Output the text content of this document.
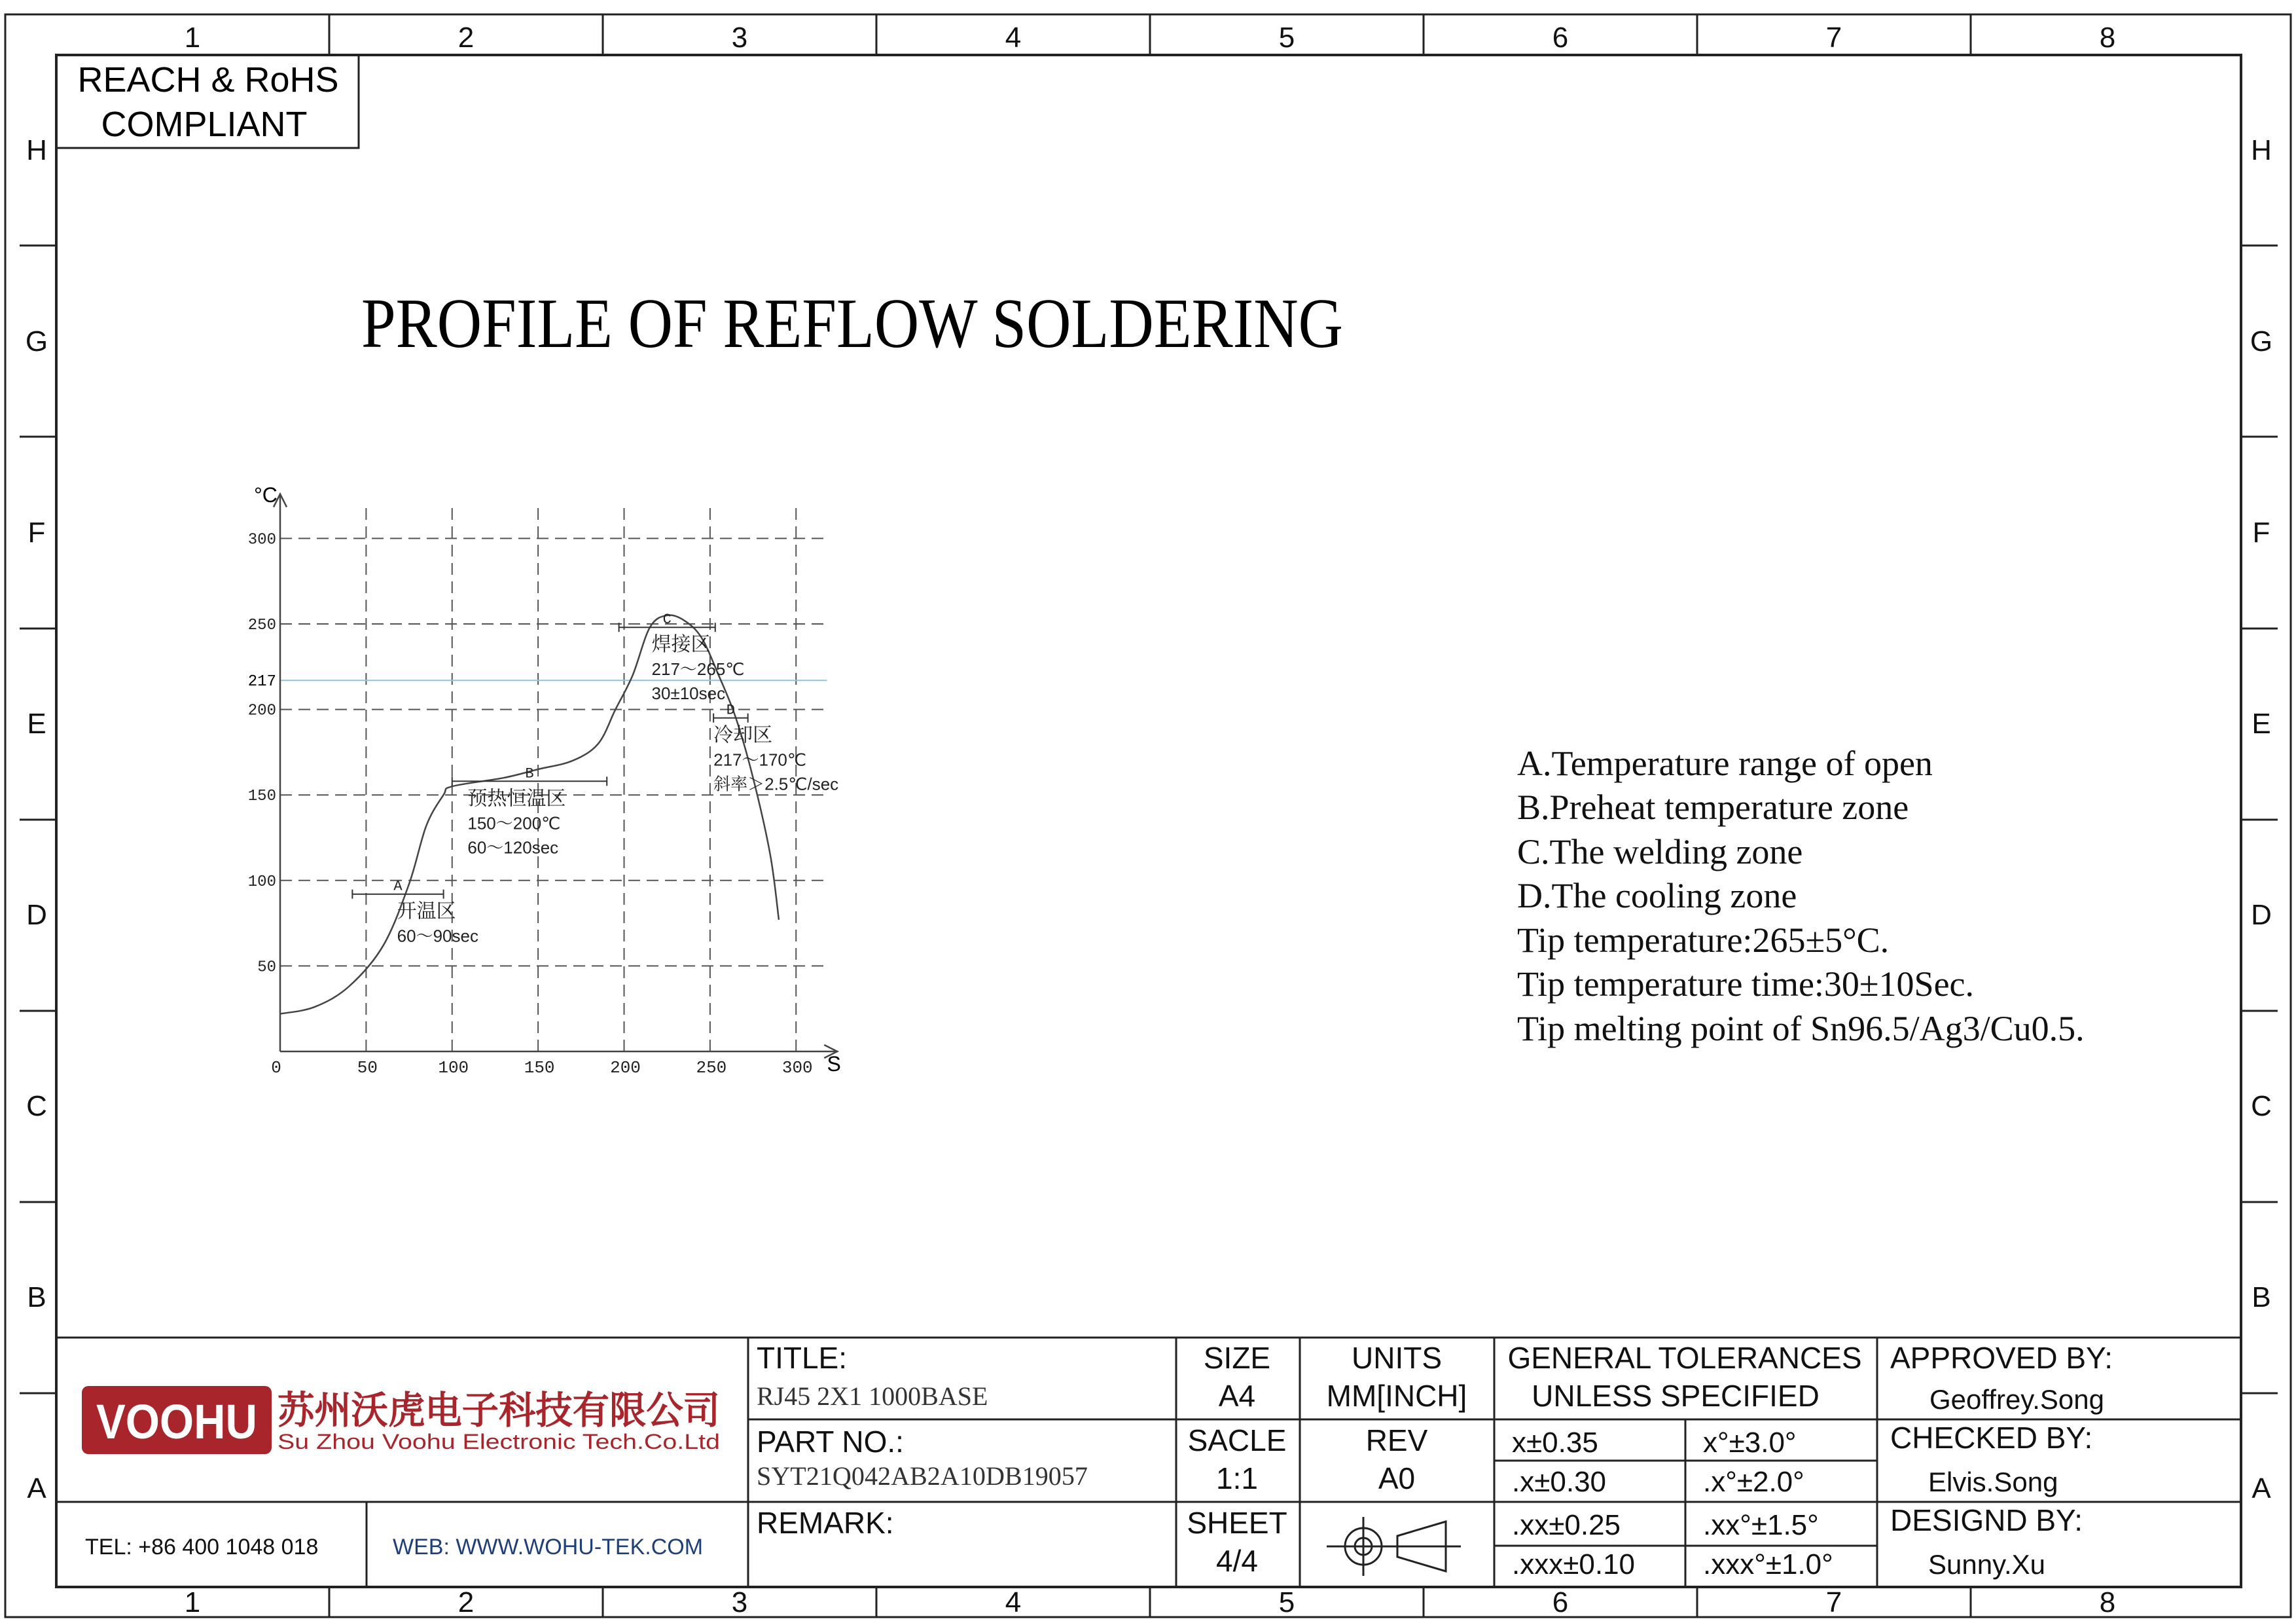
1	2	3	4	5	6	7	8
1	2	3	4	5	6	7	8
H
G
F
E
D
C
B
A
H
G
F
E
D
C
B
A
REACH & RoHS
COMPLIANT
PROFILE OF REFLOW SOLDERING
217
0	50	100	150	200	250	300
50
100
150
200
250
300
°C
S
A
开温区
60～90sec
B
预热恒温区
150～200℃
60～120sec
C
焊接区
217～265℃
30±10sec
D
冷却区
217～170℃
斜率＞2.5℃/sec
A.Temperature range of open
B.Preheat temperature zone
C.The welding zone
D.The cooling zone
Tip temperature:265±5°C.
Tip temperature time:30±10Sec.
Tip melting point of Sn96.5/Ag3/Cu0.5.
VOOHU 苏州沃虎电子科技有限公司
Su Zhou Voohu Electronic Tech.Co.Ltd
TEL: +86 400 1048 018	WEB: WWW.WOHU-TEK.COM
TITLE:
PART NO.:
REMARK:
RJ45 2X1 1000BASE
SYT21Q042AB2A10DB19057
SIZE
A4
SACLE
1:1
SHEET
4/4
UNITS
MM[INCH]
REV
A0
GENERAL TOLERANCES
UNLESS SPECIFIED
x±0.35	x°±3.0°
.x±0.30	.x°±2.0°
.xx±0.25	.xx°±1.5°
.xxx±0.10 .xxx°±1.0°
APPROVED BY:
Geoffrey.Song
CHECKED BY:
Elvis.Song
DESIGND BY:
Sunny.Xu
